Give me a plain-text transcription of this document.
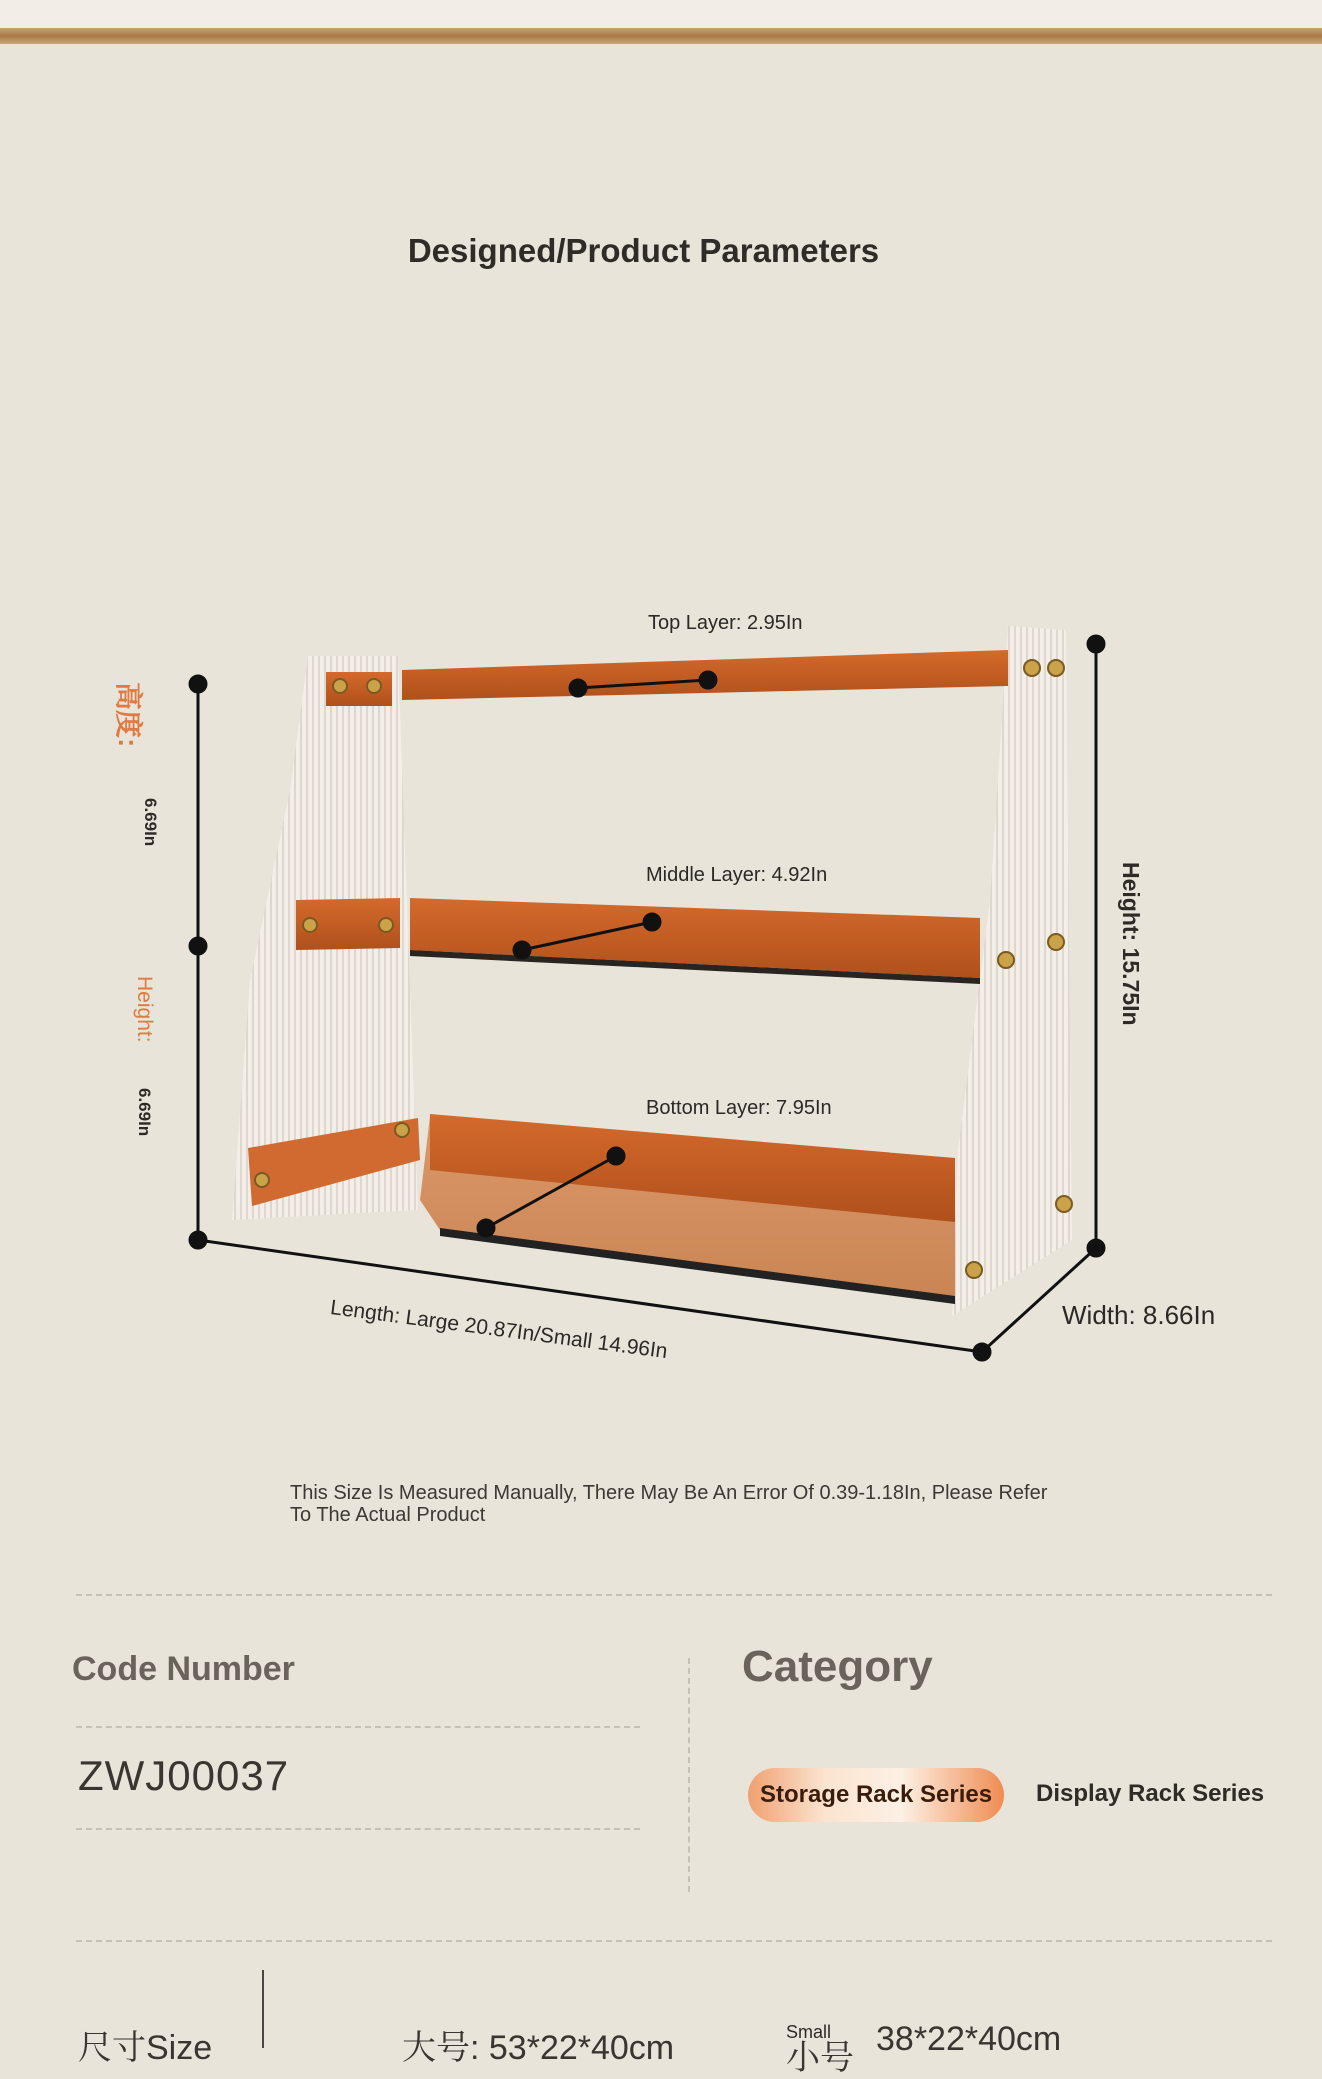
Designed/Product Parameters
Top Layer: 2.95In
Middle Layer: 4.92In
Bottom Layer: 7.95In
高度:
6.69In
Height:
6.69In
Height: 15.75In
Length: Large 20.87In/Small 14.96In	Width: 8.66In
This Size Is Measured Manually, There May Be An Error Of 0.39-1.18In, Please Refer To The Actual Product
Code Number
ZWJ00037
Category
Storage Rack Series Display Rack Series
尺寸Size	大号: 53*22*40cm	Small
小号 38*22*40cm
